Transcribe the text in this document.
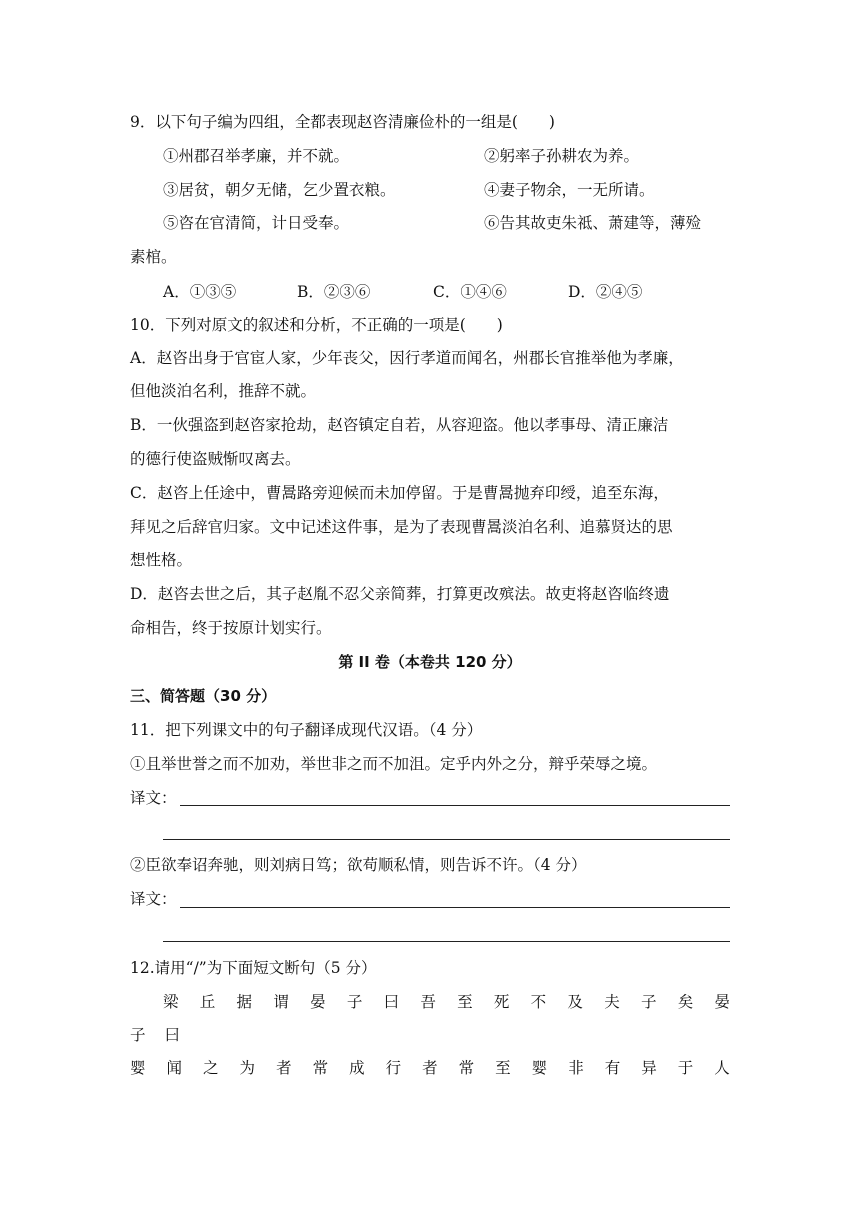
9．以下句子编为四组，全都表现赵咨清廉俭朴的一组是(　　)
①州郡召举孝廉，并不就。	②躬率子孙耕农为养。
③居贫，朝夕无储，乞少置衣粮。	④妻子物余，一无所请。
⑤咨在官清简，计日受奉。	⑥告其故吏朱祗、萧建等，薄殓
素棺。
A．①③⑤	B．②③⑥	C．①④⑥	D．②④⑤
10．下列对原文的叙述和分析，不正确的一项是(　　)
A．赵咨出身于官宦人家，少年丧父，因行孝道而闻名，州郡长官推举他为孝廉，
但他淡泊名利，推辞不就。
B．一伙强盗到赵咨家抢劫，赵咨镇定自若，从容迎盗。他以孝事母、清正廉洁
的德行使盗贼惭叹离去。
C．赵咨上任途中，曹暠路旁迎候而未加停留。于是曹暠抛弃印绶，追至东海，
拜见之后辞官归家。文中记述这件事，是为了表现曹暠淡泊名利、追慕贤达的思
想性格。
D．赵咨去世之后，其子赵胤不忍父亲简葬，打算更改殡法。故吏将赵咨临终遗
命相告，终于按原计划实行。
第 II 卷（本卷共 120 分）
三、简答题（30 分）
11．把下列课文中的句子翻译成现代汉语。（4 分）
①且举世誉之而不加劝，举世非之而不加沮。定乎内外之分，辩乎荣辱之境。
译文：
②臣欲奉诏奔驰，则刘病日笃；欲苟顺私情，则告诉不许。（4 分）
译文：
12.请用“/”为下面短文断句（5 分）
梁 丘 据 谓 晏 子 曰 吾 至 死 不 及 夫 子 矣 晏
子曰
婴 闻 之 为 者 常 成 行 者 常 至 婴 非 有 异 于 人
